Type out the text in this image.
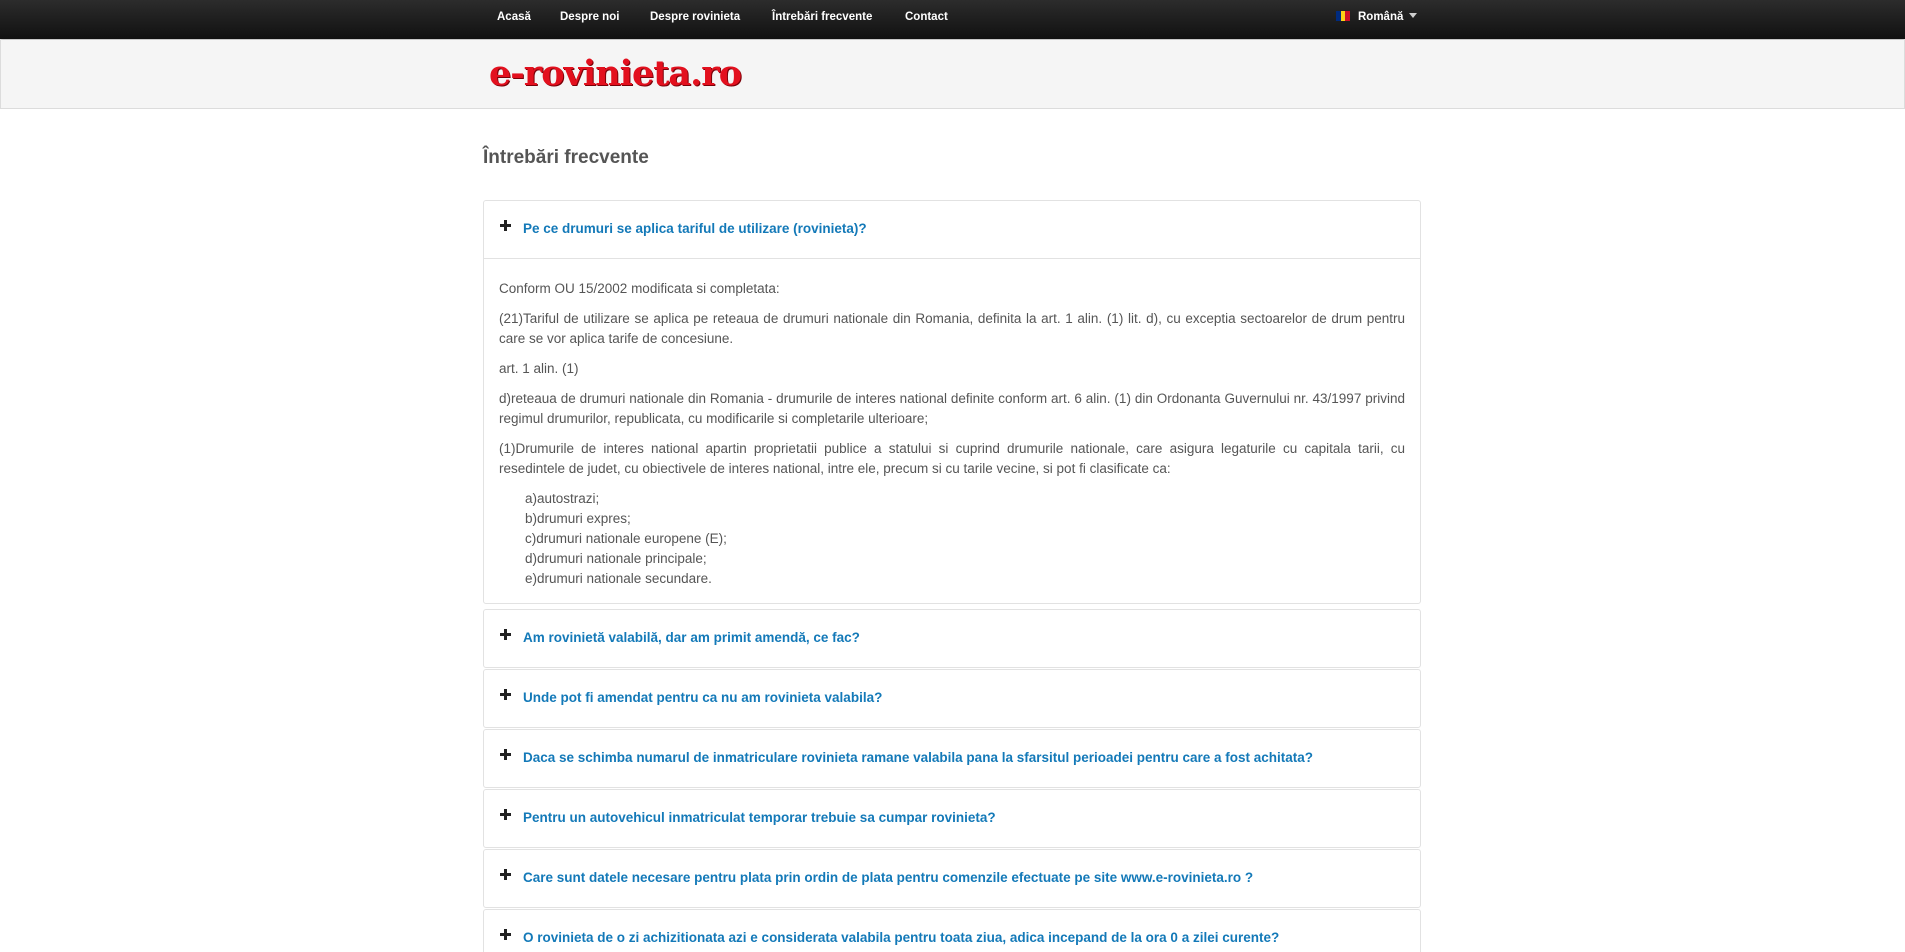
Acasă	Despre noi	Despre rovinieta	Întrebări frecvente	Contact	Română
e-rovinieta.ro
Întrebări frecvente
Pe ce drumuri se aplica tariful de utilizare (rovinieta)?

Conform OU 15/2002 modificata si completata:

(21)Tariful de utilizare se aplica pe reteaua de drumuri nationale din Romania, definita la art. 1 alin. (1) lit. d), cu exceptia sectoarelor de drum pentru care se vor aplica tarife de concesiune.

art. 1 alin. (1)

d)reteaua de drumuri nationale din Romania - drumurile de interes national definite conform art. 6 alin. (1) din Ordonanta Guvernului nr. 43/1997 privind regimul drumurilor, republicata, cu modificarile si completarile ulterioare;

(1)Drumurile de interes national apartin proprietatii publice a statului si cuprind drumurile nationale, care asigura legaturile cu capitala tarii, cu resedintele de judet, cu obiectivele de interes national, intre ele, precum si cu tarile vecine, si pot fi clasificate ca:

a)autostrazi;
b)drumuri expres;
c)drumuri nationale europene (E);
d)drumuri nationale principale;
e)drumuri nationale secundare.
Am rovinietă valabilă, dar am primit amendă, ce fac?
Unde pot fi amendat pentru ca nu am rovinieta valabila?
Daca se schimba numarul de inmatriculare rovinieta ramane valabila pana la sfarsitul perioadei pentru care a fost achitata?
Pentru un autovehicul inmatriculat temporar trebuie sa cumpar rovinieta?
Care sunt datele necesare pentru plata prin ordin de plata pentru comenzile efectuate pe site www.e-rovinieta.ro ?
O rovinieta de o zi achizitionata azi e considerata valabila pentru toata ziua, adica incepand de la ora 0 a zilei curente?
